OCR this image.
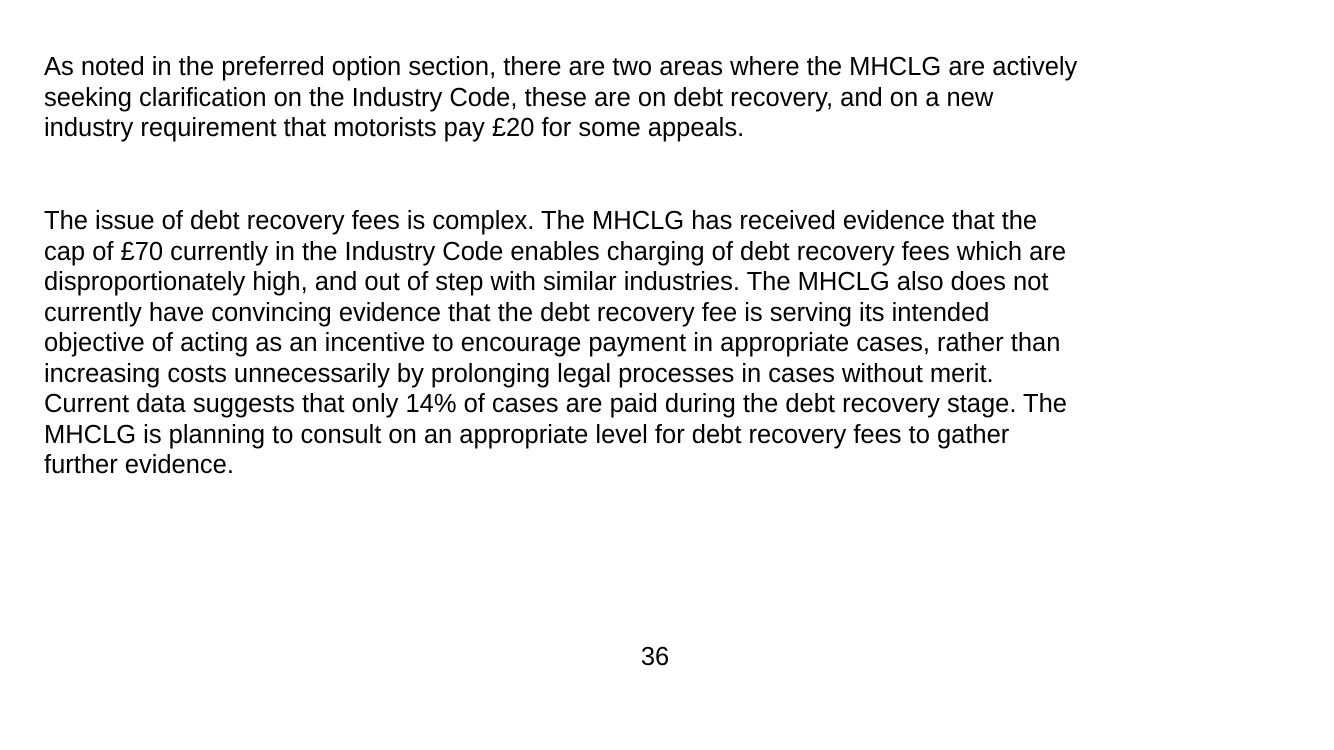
As noted in the preferred option section, there are two areas where the MHCLG are actively
seeking clarification on the Industry Code, these are on debt recovery, and on a new
industry requirement that motorists pay £20 for some appeals.

The issue of debt recovery fees is complex. The MHCLG has received evidence that the
cap of £70 currently in the Industry Code enables charging of debt recovery fees which are
disproportionately high, and out of step with similar industries. The MHCLG also does not
currently have convincing evidence that the debt recovery fee is serving its intended
objective of acting as an incentive to encourage payment in appropriate cases, rather than
increasing costs unnecessarily by prolonging legal processes in cases without merit.
Current data suggests that only 14% of cases are paid during the debt recovery stage. The
MHCLG is planning to consult on an appropriate level for debt recovery fees to gather
further evidence.

36
